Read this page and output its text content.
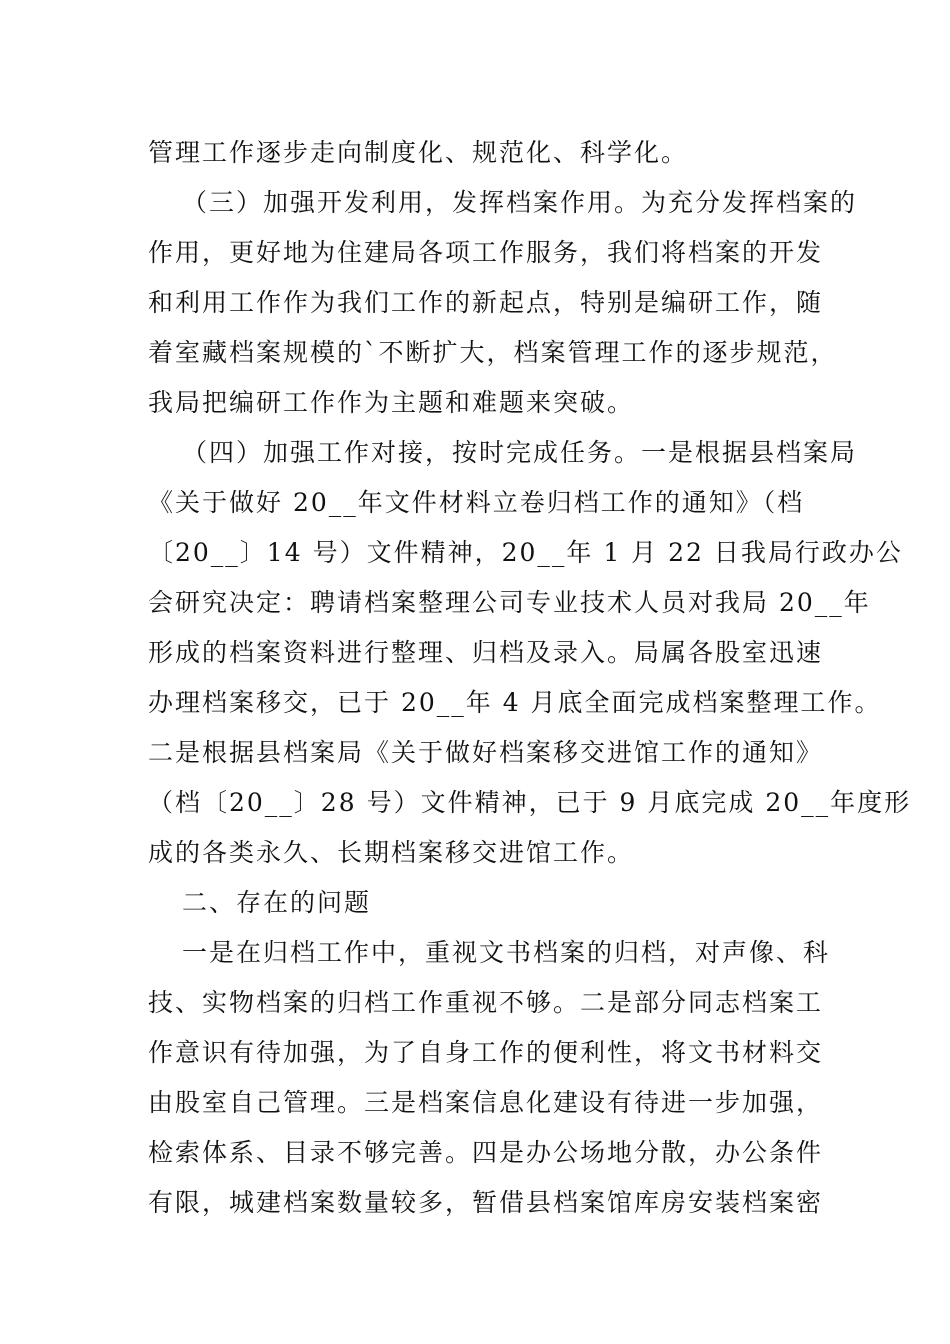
管理工作逐步走向制度化、规范化、科学化。

（三）加强开发利用，发挥档案作用。为充分发挥档案的

作用，更好地为住建局各项工作服务，我们将档案的开发

和利用工作作为我们工作的新起点，特别是编研工作，随

着室藏档案规模的`不断扩大，档案管理工作的逐步规范，

我局把编研工作作为主题和难题来突破。

（四）加强工作对接，按时完成任务。一是根据县档案局

《关于做好 20__年文件材料立卷归档工作的通知》（档

〔20__〕14 号）文件精神，20__年 1 月 22 日我局行政办公

会研究决定：聘请档案整理公司专业技术人员对我局 20__年

形成的档案资料进行整理、归档及录入。局属各股室迅速

办理档案移交，已于 20__年 4 月底全面完成档案整理工作。

二是根据县档案局《关于做好档案移交进馆工作的通知》

（档〔20__〕28 号）文件精神，已于 9 月底完成 20__年度形

成的各类永久、长期档案移交进馆工作。

二、存在的问题

一是在归档工作中，重视文书档案的归档，对声像、科

技、实物档案的归档工作重视不够。二是部分同志档案工

作意识有待加强，为了自身工作的便利性，将文书材料交

由股室自己管理。三是档案信息化建设有待进一步加强，

检索体系、目录不够完善。四是办公场地分散，办公条件

有限，城建档案数量较多，暂借县档案馆库房安装档案密
